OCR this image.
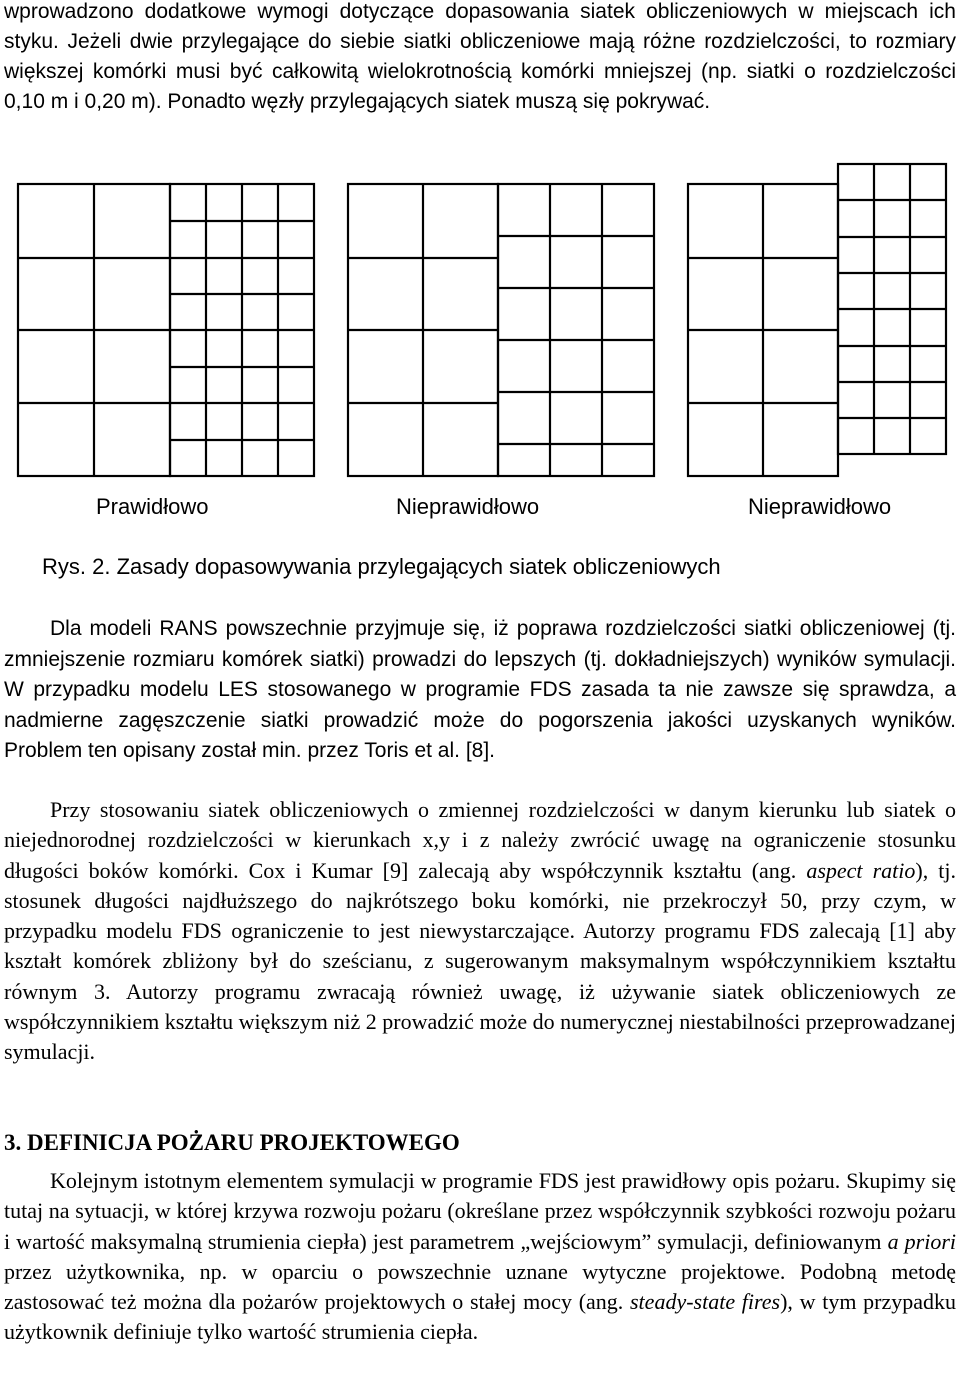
wprowadzono dodatkowe wymogi dotyczące dopasowania siatek obliczeniowych w miejscach ich styku. Jeżeli dwie przylegające do siebie siatki obliczeniowe mają różne rozdzielczości, to rozmiary większej komórki musi być całkowitą wielokrotnością komórki mniejszej (np. siatki o rozdzielczości 0,10 m i 0,20 m). Ponadto węzły przylegających siatek muszą się pokrywać.

Prawidłowo	Nieprawidłowo	Nieprawidłowo
Rys. 2. Zasady dopasowywania przylegających siatek obliczeniowych

Dla modeli RANS powszechnie przyjmuje się, iż poprawa rozdzielczości siatki obliczeniowej (tj. zmniejszenie rozmiaru komórek siatki) prowadzi do lepszych (tj. dokładniejszych) wyników symulacji. W przypadku modelu LES stosowanego w programie FDS zasada ta nie zawsze się sprawdza, a nadmierne zagęszczenie siatki prowadzić może do pogorszenia jakości uzyskanych wyników. Problem ten opisany został min. przez Toris et al. [8].

Przy stosowaniu siatek obliczeniowych o zmiennej rozdzielczości w danym kierunku lub siatek o niejednorodnej rozdzielczości w kierunkach x,y i z należy zwrócić uwagę na ograniczenie stosunku długości boków komórki. Cox i Kumar [9] zalecają aby współczynnik kształtu (ang. aspect ratio), tj. stosunek długości najdłuższego do najkrótszego boku komórki, nie przekroczył 50, przy czym, w przypadku modelu FDS ograniczenie to jest niewystarczające. Autorzy programu FDS zalecają [1] aby kształt komórek zbliżony był do sześcianu, z sugerowanym maksymalnym współczynnikiem kształtu równym 3. Autorzy programu zwracają również uwagę, iż używanie siatek obliczeniowych ze współczynnikiem kształtu większym niż 2 prowadzić może do numerycznej niestabilności przeprowadzanej symulacji.

3. DEFINICJA POŻARU PROJEKTOWEGO

Kolejnym istotnym elementem symulacji w programie FDS jest prawidłowy opis pożaru. Skupimy się tutaj na sytuacji, w której krzywa rozwoju pożaru (określane przez współczynnik szybkości rozwoju pożaru i wartość maksymalną strumienia ciepła) jest parametrem „wejściowym” symulacji, definiowanym a priori przez użytkownika, np. w oparciu o powszechnie uznane wytyczne projektowe. Podobną metodę zastosować też można dla pożarów projektowych o stałej mocy (ang. steady-state fires), w tym przypadku użytkownik definiuje tylko wartość strumienia ciepła.
